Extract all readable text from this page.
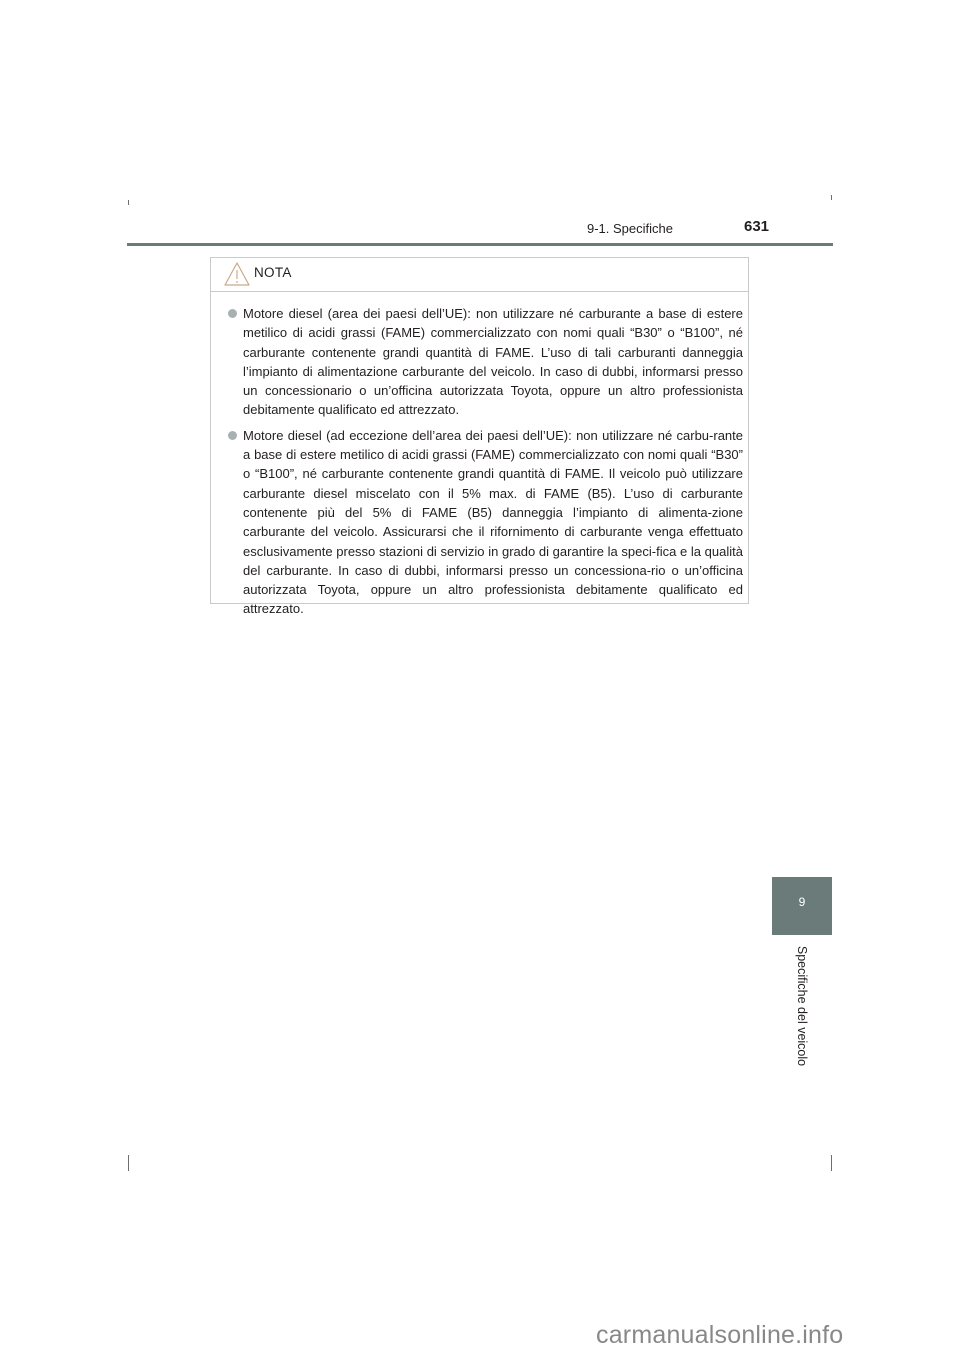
9-1. Specifiche	631
NOTA
Motore diesel (area dei paesi dell’UE): non utilizzare né carburante a base di estere metilico di acidi grassi (FAME) commercializzato con nomi quali “B30” o “B100”, né carburante contenente grandi quantità di FAME. L’uso di tali carburanti danneggia l’impianto di alimentazione carburante del veicolo. In caso di dubbi, informarsi presso un concessionario o un’officina autorizzata Toyota, oppure un altro professionista debitamente qualificato ed attrezzato.
Motore diesel (ad eccezione dell’area dei paesi dell’UE): non utilizzare né carbu-rante a base di estere metilico di acidi grassi (FAME) commercializzato con nomi quali “B30” o “B100”, né carburante contenente grandi quantità di FAME. Il veicolo può utilizzare carburante diesel miscelato con il 5% max. di FAME (B5). L’uso di carburante contenente più del 5% di FAME (B5) danneggia l’impianto di alimenta-zione carburante del veicolo. Assicurarsi che il rifornimento di carburante venga effettuato esclusivamente presso stazioni di servizio in grado di garantire la speci-fica e la qualità del carburante. In caso di dubbi, informarsi presso un concessiona-rio o un’officina autorizzata Toyota, oppure un altro professionista debitamente qualificato ed attrezzato.
9
Specifiche del veicolo
carmanualsonline.info
